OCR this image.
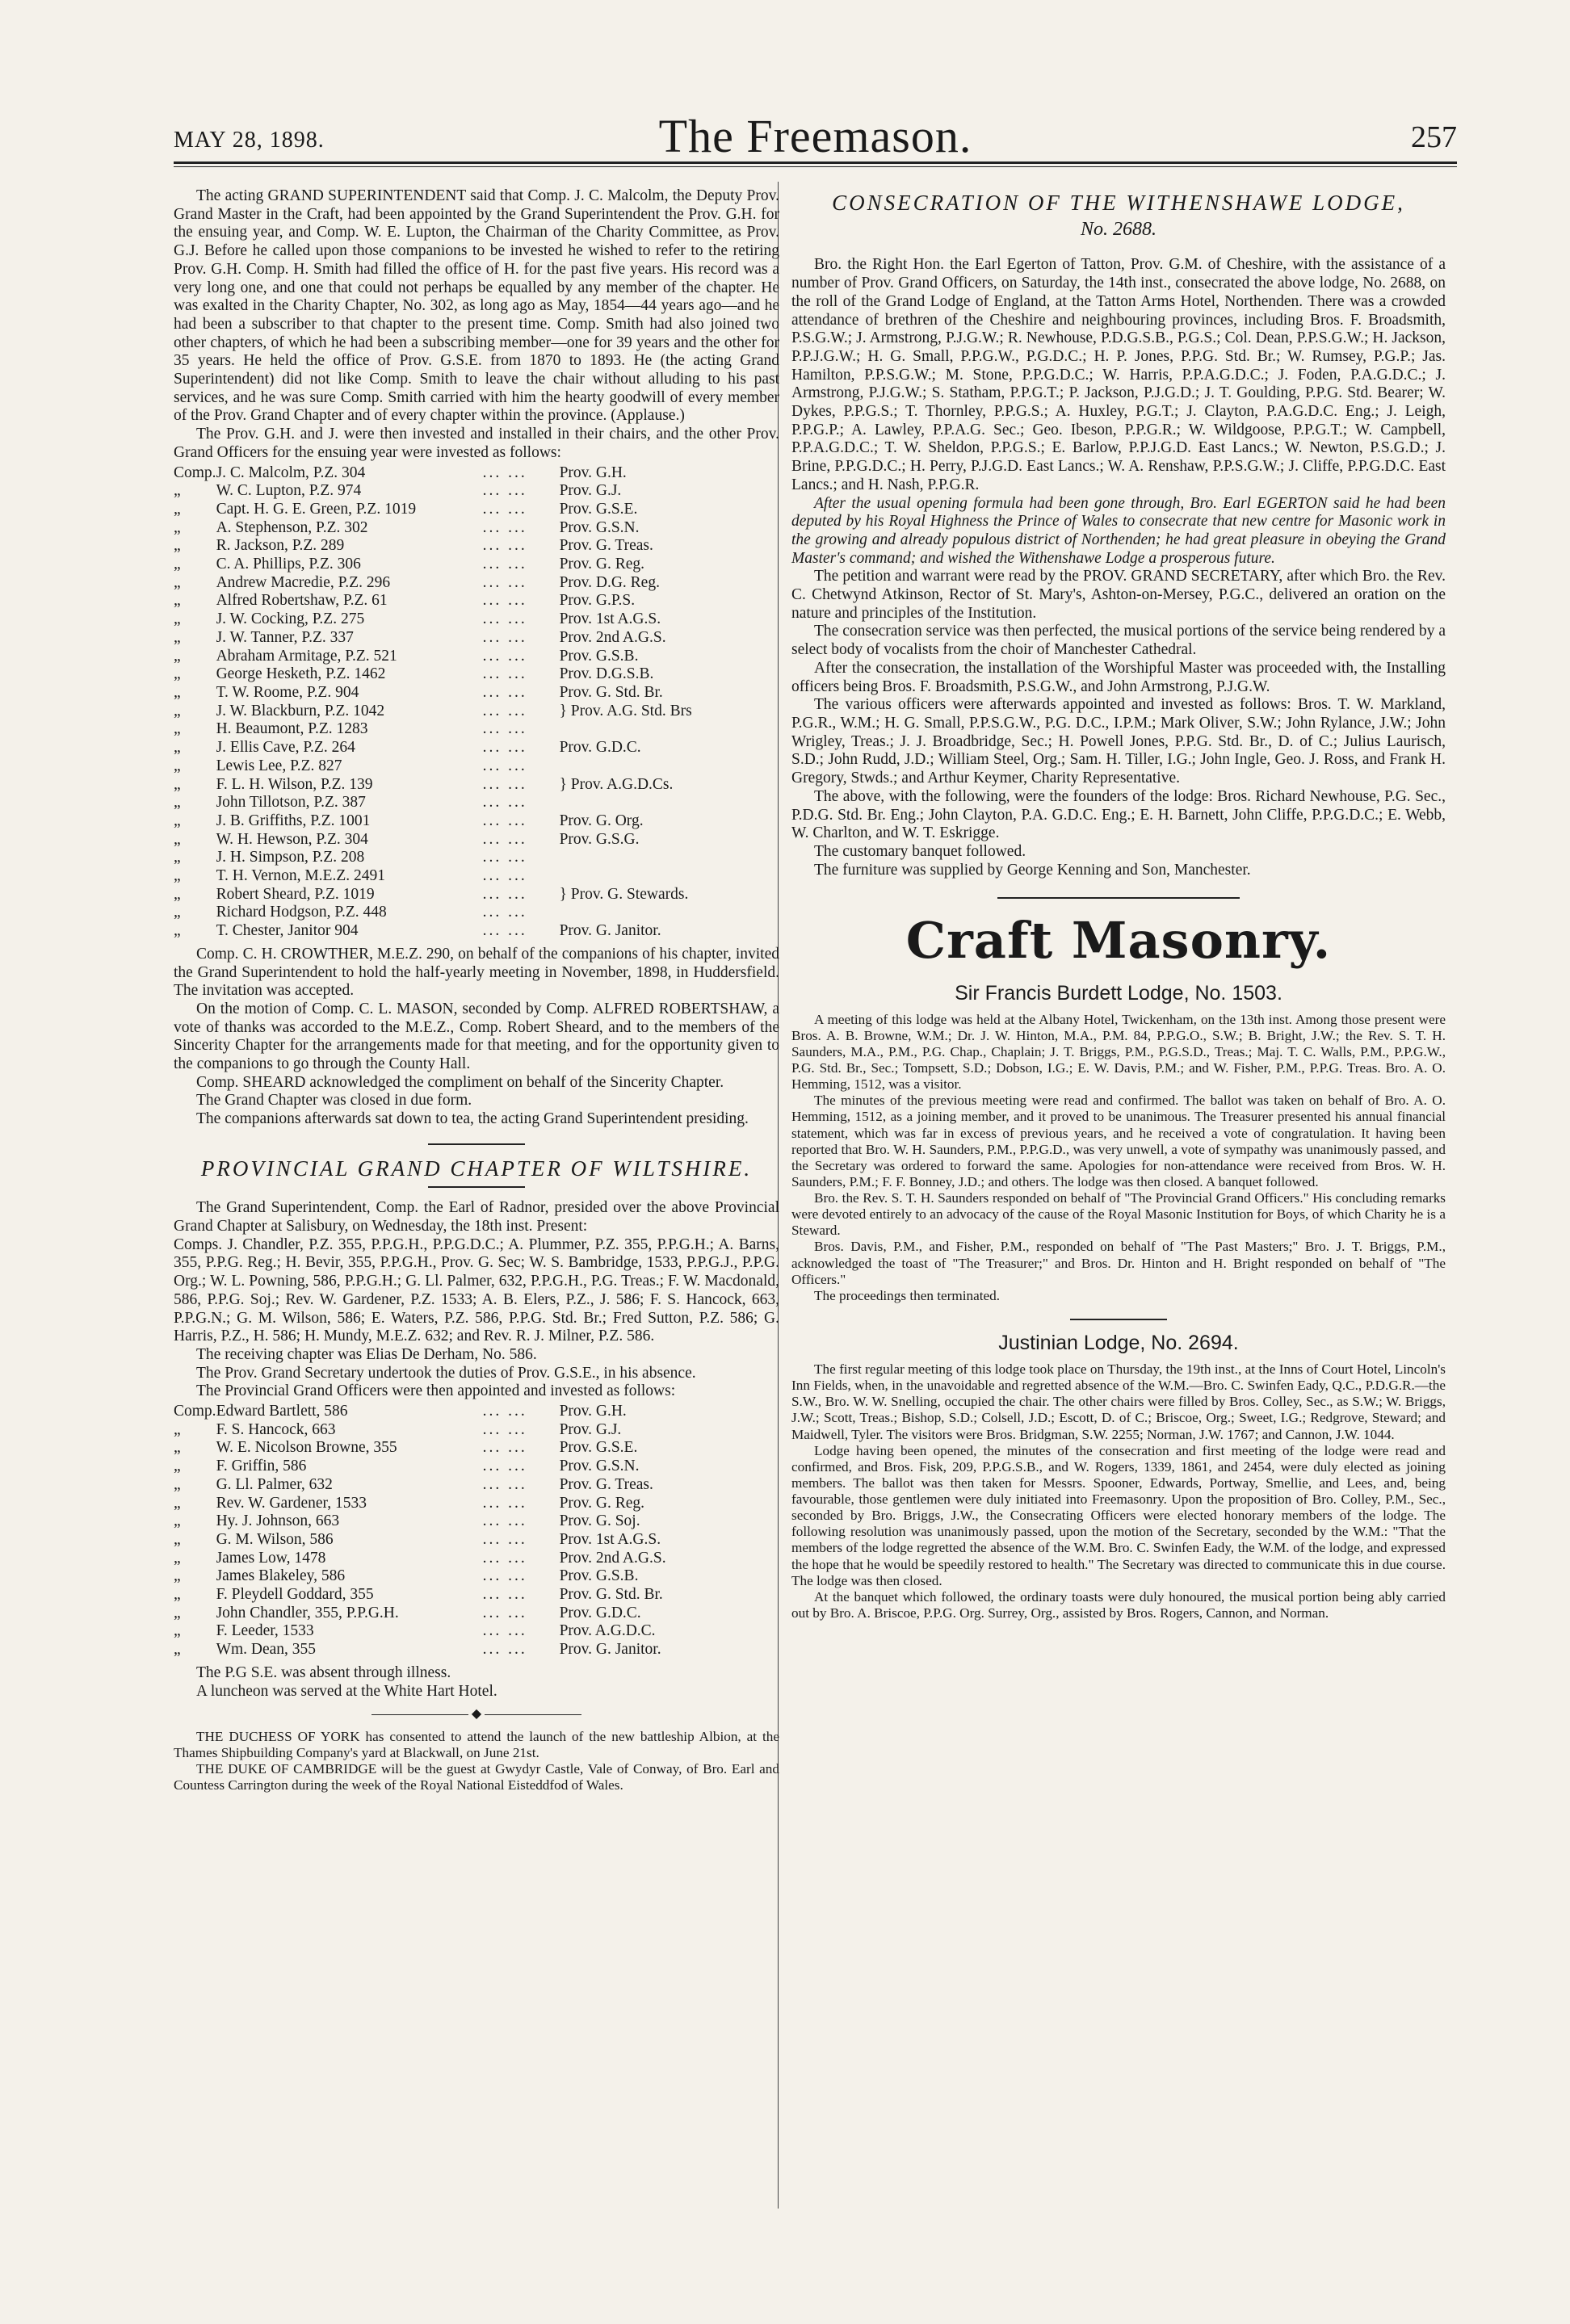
MAY 28, 1898.	The Freemason.	257

The acting GRAND SUPERINTENDENT said that Comp. J. C. Malcolm, the Deputy Prov. Grand Master in the Craft, had been appointed by the Grand Superintendent the Prov. G.H. for the ensuing year, and Comp. W. E. Lupton, the Chairman of the Charity Committee, as Prov. G.J. Before he called upon those companions to be invested he wished to refer to the retiring Prov. G.H. Comp. H. Smith had filled the office of H. for the past five years. His record was a very long one, and one that could not perhaps be equalled by any member of the chapter. He was exalted in the Charity Chapter, No. 302, as long ago as May, 1854—44 years ago—and he had been a subscriber to that chapter to the present time. Comp. Smith had also joined two other chapters, of which he had been a subscribing member—one for 39 years and the other for 35 years. He held the office of Prov. G.S.E. from 1870 to 1893. He (the acting Grand Superintendent) did not like Comp. Smith to leave the chair without alluding to his past services, and he was sure Comp. Smith carried with him the hearty goodwill of every member of the Prov. Grand Chapter and of every chapter within the province. (Applause.)

The Prov. G.H. and J. were then invested and installed in their chairs, and the other Prov. Grand Officers for the ensuing year were invested as follows:

Comp.	J. C. Malcolm, P.Z. 304	... ...	Prov. G.H.
„	W. C. Lupton, P.Z. 974	... ...	Prov. G.J.
„	Capt. H. G. E. Green, P.Z. 1019	... ...	Prov. G.S.E.
„	A. Stephenson, P.Z. 302	... ...	Prov. G.S.N.
„	R. Jackson, P.Z. 289	... ...	Prov. G. Treas.
„	C. A. Phillips, P.Z. 306	... ...	Prov. G. Reg.
„	Andrew Macredie, P.Z. 296	... ...	Prov. D.G. Reg.
„	Alfred Robertshaw, P.Z. 61	... ...	Prov. G.P.S.
„	J. W. Cocking, P.Z. 275	... ...	Prov. 1st A.G.S.
„	J. W. Tanner, P.Z. 337	... ...	Prov. 2nd A.G.S.
„	Abraham Armitage, P.Z. 521	... ...	Prov. G.S.B.
„	George Hesketh, P.Z. 1462	... ...	Prov. D.G.S.B.
„	T. W. Roome, P.Z. 904	... ...	Prov. G. Std. Br.
„	J. W. Blackburn, P.Z. 1042	... ...	} Prov. A.G. Std. Brs
„	H. Beaumont, P.Z. 1283	... ...	
„	J. Ellis Cave, P.Z. 264	... ...	Prov. G.D.C.
„	Lewis Lee, P.Z. 827	... ...	
„	F. L. H. Wilson, P.Z. 139	... ...	} Prov. A.G.D.Cs.
„	John Tillotson, P.Z. 387	... ...	
„	J. B. Griffiths, P.Z. 1001	... ...	Prov. G. Org.
„	W. H. Hewson, P.Z. 304	... ...	Prov. G.S.G.
„	J. H. Simpson, P.Z. 208	... ...	
„	T. H. Vernon, M.E.Z. 2491	... ...	
„	Robert Sheard, P.Z. 1019	... ...	} Prov. G. Stewards.
„	Richard Hodgson, P.Z. 448	... ...	
„	T. Chester, Janitor 904	... ...	Prov. G. Janitor.

Comp. C. H. CROWTHER, M.E.Z. 290, on behalf of the companions of his chapter, invited the Grand Superintendent to hold the half-yearly meeting in November, 1898, in Huddersfield. The invitation was accepted.

On the motion of Comp. C. L. MASON, seconded by Comp. ALFRED ROBERTSHAW, a vote of thanks was accorded to the M.E.Z., Comp. Robert Sheard, and to the members of the Sincerity Chapter for the arrangements made for that meeting, and for the opportunity given to the companions to go through the County Hall.

Comp. SHEARD acknowledged the compliment on behalf of the Sincerity Chapter.

The Grand Chapter was closed in due form.

The companions afterwards sat down to tea, the acting Grand Superintendent presiding.

PROVINCIAL GRAND CHAPTER OF WILTSHIRE.

The Grand Superintendent, Comp. the Earl of Radnor, presided over the above Provincial Grand Chapter at Salisbury, on Wednesday, the 18th inst. Present:

Comps. J. Chandler, P.Z. 355, P.P.G.H., P.P.G.D.C.; A. Plummer, P.Z. 355, P.P.G.H.; A. Barns, 355, P.P.G. Reg.; H. Bevir, 355, P.P.G.H., Prov. G. Sec; W. S. Bambridge, 1533, P.P.G.J., P.P.G. Org.; W. L. Powning, 586, P.P.G.H.; G. Ll. Palmer, 632, P.P.G.H., P.G. Treas.; F. W. Macdonald, 586, P.P.G. Soj.; Rev. W. Gardener, P.Z. 1533; A. B. Elers, P.Z., J. 586; F. S. Hancock, 663, P.P.G.N.; G. M. Wilson, 586; E. Waters, P.Z. 586, P.P.G. Std. Br.; Fred Sutton, P.Z. 586; G. Harris, P.Z., H. 586; H. Mundy, M.E.Z. 632; and Rev. R. J. Milner, P.Z. 586.

The receiving chapter was Elias De Derham, No. 586.

The Prov. Grand Secretary undertook the duties of Prov. G.S.E., in his absence.

The Provincial Grand Officers were then appointed and invested as follows:

Comp.	Edward Bartlett, 586	... ...	Prov. G.H.
„	F. S. Hancock, 663	... ...	Prov. G.J.
„	W. E. Nicolson Browne, 355	... ...	Prov. G.S.E.
„	F. Griffin, 586	... ...	Prov. G.S.N.
„	G. Ll. Palmer, 632	... ...	Prov. G. Treas.
„	Rev. W. Gardener, 1533	... ...	Prov. G. Reg.
„	Hy. J. Johnson, 663	... ...	Prov. G. Soj.
„	G. M. Wilson, 586	... ...	Prov. 1st A.G.S.
„	James Low, 1478	... ...	Prov. 2nd A.G.S.
„	James Blakeley, 586	... ...	Prov. G.S.B.
„	F. Pleydell Goddard, 355	... ...	Prov. G. Std. Br.
„	John Chandler, 355, P.P.G.H.	... ...	Prov. G.D.C.
„	F. Leeder, 1533	... ...	Prov. A.G.D.C.
„	Wm. Dean, 355	... ...	Prov. G. Janitor.

The P.G S.E. was absent through illness.

A luncheon was served at the White Hart Hotel.

◆

THE DUCHESS OF YORK has consented to attend the launch of the new battleship Albion, at the Thames Shipbuilding Company's yard at Blackwall, on June 21st.

THE DUKE OF CAMBRIDGE will be the guest at Gwydyr Castle, Vale of Conway, of Bro. Earl and Countess Carrington during the week of the Royal National Eisteddfod of Wales.

CONSECRATION OF THE WITHENSHAWE LODGE,

No. 2688.

Bro. the Right Hon. the Earl Egerton of Tatton, Prov. G.M. of Cheshire, with the assistance of a number of Prov. Grand Officers, on Saturday, the 14th inst., consecrated the above lodge, No. 2688, on the roll of the Grand Lodge of England, at the Tatton Arms Hotel, Northenden. There was a crowded attendance of brethren of the Cheshire and neighbouring provinces, including Bros. F. Broadsmith, P.S.G.W.; J. Armstrong, P.J.G.W.; R. Newhouse, P.D.G.S.B., P.G.S.; Col. Dean, P.P.S.G.W.; H. Jackson, P.P.J.G.W.; H. G. Small, P.P.G.W., P.G.D.C.; H. P. Jones, P.P.G. Std. Br.; W. Rumsey, P.G.P.; Jas. Hamilton, P.P.S.G.W.; M. Stone, P.P.G.D.C.; W. Harris, P.P.A.G.D.C.; J. Foden, P.A.G.D.C.; J. Armstrong, P.J.G.W.; S. Statham, P.P.G.T.; P. Jackson, P.J.G.D.; J. T. Goulding, P.P.G. Std. Bearer; W. Dykes, P.P.G.S.; T. Thornley, P.P.G.S.; A. Huxley, P.G.T.; J. Clayton, P.A.G.D.C. Eng.; J. Leigh, P.P.G.P.; A. Lawley, P.P.A.G. Sec.; Geo. Ibeson, P.P.G.R.; W. Wildgoose, P.P.G.T.; W. Campbell, P.P.A.G.D.C.; T. W. Sheldon, P.P.G.S.; E. Barlow, P.P.J.G.D. East Lancs.; W. Newton, P.S.G.D.; J. Brine, P.P.G.D.C.; H. Perry, P.J.G.D. East Lancs.; W. A. Renshaw, P.P.S.G.W.; J. Cliffe, P.P.G.D.C. East Lancs.; and H. Nash, P.P.G.R.

After the usual opening formula had been gone through, Bro. Earl EGERTON said he had been deputed by his Royal Highness the Prince of Wales to consecrate that new centre for Masonic work in the growing and already populous district of Northenden; he had great pleasure in obeying the Grand Master's command; and wished the Withenshawe Lodge a prosperous future.

The petition and warrant were read by the PROV. GRAND SECRETARY, after which Bro. the Rev. C. Chetwynd Atkinson, Rector of St. Mary's, Ashton-on-Mersey, P.G.C., delivered an oration on the nature and principles of the Institution.

The consecration service was then perfected, the musical portions of the service being rendered by a select body of vocalists from the choir of Manchester Cathedral.

After the consecration, the installation of the Worshipful Master was proceeded with, the Installing officers being Bros. F. Broadsmith, P.S.G.W., and John Armstrong, P.J.G.W.

The various officers were afterwards appointed and invested as follows: Bros. T. W. Markland, P.G.R., W.M.; H. G. Small, P.P.S.G.W., P.G. D.C., I.P.M.; Mark Oliver, S.W.; John Rylance, J.W.; John Wrigley, Treas.; J. J. Broadbridge, Sec.; H. Powell Jones, P.P.G. Std. Br., D. of C.; Julius Laurisch, S.D.; John Rudd, J.D.; William Steel, Org.; Sam. H. Tiller, I.G.; John Ingle, Geo. J. Ross, and Frank H. Gregory, Stwds.; and Arthur Keymer, Charity Representative.

The above, with the following, were the founders of the lodge: Bros. Richard Newhouse, P.G. Sec., P.D.G. Std. Br. Eng.; John Clayton, P.A. G.D.C. Eng.; E. H. Barnett, John Cliffe, P.P.G.D.C.; E. Webb, W. Charlton, and W. T. Eskrigge.

The customary banquet followed.

The furniture was supplied by George Kenning and Son, Manchester.

Craft Masonry.

Sir Francis Burdett Lodge, No. 1503.

A meeting of this lodge was held at the Albany Hotel, Twickenham, on the 13th inst. Among those present were Bros. A. B. Browne, W.M.; Dr. J. W. Hinton, M.A., P.M. 84, P.P.G.O., S.W.; B. Bright, J.W.; the Rev. S. T. H. Saunders, M.A., P.M., P.G. Chap., Chaplain; J. T. Briggs, P.M., P.G.S.D., Treas.; Maj. T. C. Walls, P.M., P.P.G.W., P.G. Std. Br., Sec.; Tompsett, S.D.; Dobson, I.G.; E. W. Davis, P.M.; and W. Fisher, P.M., P.P.G. Treas. Bro. A. O. Hemming, 1512, was a visitor.

The minutes of the previous meeting were read and confirmed. The ballot was taken on behalf of Bro. A. O. Hemming, 1512, as a joining member, and it proved to be unanimous. The Treasurer presented his annual financial statement, which was far in excess of previous years, and he received a vote of congratulation. It having been reported that Bro. W. H. Saunders, P.M., P.P.G.D., was very unwell, a vote of sympathy was unanimously passed, and the Secretary was ordered to forward the same. Apologies for non-attendance were received from Bros. W. H. Saunders, P.M.; F. F. Bonney, J.D.; and others. The lodge was then closed. A banquet followed.

Bro. the Rev. S. T. H. Saunders responded on behalf of "The Provincial Grand Officers." His concluding remarks were devoted entirely to an advocacy of the cause of the Royal Masonic Institution for Boys, of which Charity he is a Steward.

Bros. Davis, P.M., and Fisher, P.M., responded on behalf of "The Past Masters;" Bro. J. T. Briggs, P.M., acknowledged the toast of "The Treasurer;" and Bros. Dr. Hinton and H. Bright responded on behalf of "The Officers."

The proceedings then terminated.

Justinian Lodge, No. 2694.

The first regular meeting of this lodge took place on Thursday, the 19th inst., at the Inns of Court Hotel, Lincoln's Inn Fields, when, in the unavoidable and regretted absence of the W.M.—Bro. C. Swinfen Eady, Q.C., P.D.G.R.—the S.W., Bro. W. W. Snelling, occupied the chair. The other chairs were filled by Bros. Colley, Sec., as S.W.; W. Briggs, J.W.; Scott, Treas.; Bishop, S.D.; Colsell, J.D.; Escott, D. of C.; Briscoe, Org.; Sweet, I.G.; Redgrove, Steward; and Maidwell, Tyler. The visitors were Bros. Bridgman, S.W. 2255; Norman, J.W. 1767; and Cannon, J.W. 1044.

Lodge having been opened, the minutes of the consecration and first meeting of the lodge were read and confirmed, and Bros. Fisk, 209, P.P.G.S.B., and W. Rogers, 1339, 1861, and 2454, were duly elected as joining members. The ballot was then taken for Messrs. Spooner, Edwards, Portway, Smellie, and Lees, and, being favourable, those gentlemen were duly initiated into Freemasonry. Upon the proposition of Bro. Colley, P.M., Sec., seconded by Bro. Briggs, J.W., the Consecrating Officers were elected honorary members of the lodge. The following resolution was unanimously passed, upon the motion of the Secretary, seconded by the W.M.: "That the members of the lodge regretted the absence of the W.M. Bro. C. Swinfen Eady, the W.M. of the lodge, and expressed the hope that he would be speedily restored to health." The Secretary was directed to communicate this in due course. The lodge was then closed.

At the banquet which followed, the ordinary toasts were duly honoured, the musical portion being ably carried out by Bro. A. Briscoe, P.P.G. Org. Surrey, Org., assisted by Bros. Rogers, Cannon, and Norman.
